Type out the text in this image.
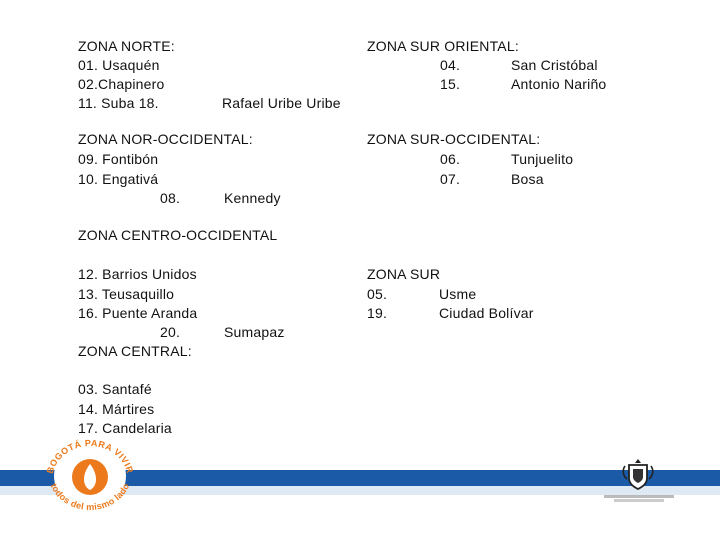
ZONA NORTE:
01. Usaquén
02.Chapinero
11. Suba 18.	Rafael Uribe Uribe
ZONA SUR ORIENTAL:
04.	San Cristóbal
15.	Antonio Nariño
ZONA NOR-OCCIDENTAL:
09. Fontibón
10. Engativá
08.	Kennedy
ZONA SUR-OCCIDENTAL:
06.	Tunjuelito
07.	Bosa
ZONA CENTRO-OCCIDENTAL
12. Barrios Unidos
13. Teusaquillo
16. Puente Aranda
20.	Sumapaz
ZONA SUR
05.	Usme
19.	Ciudad Bolívar
ZONA CENTRAL:
03. Santafé
14. Mártires
17. Candelaria
BOGOTÁ PARA VIVIR
todos del mismo lado
